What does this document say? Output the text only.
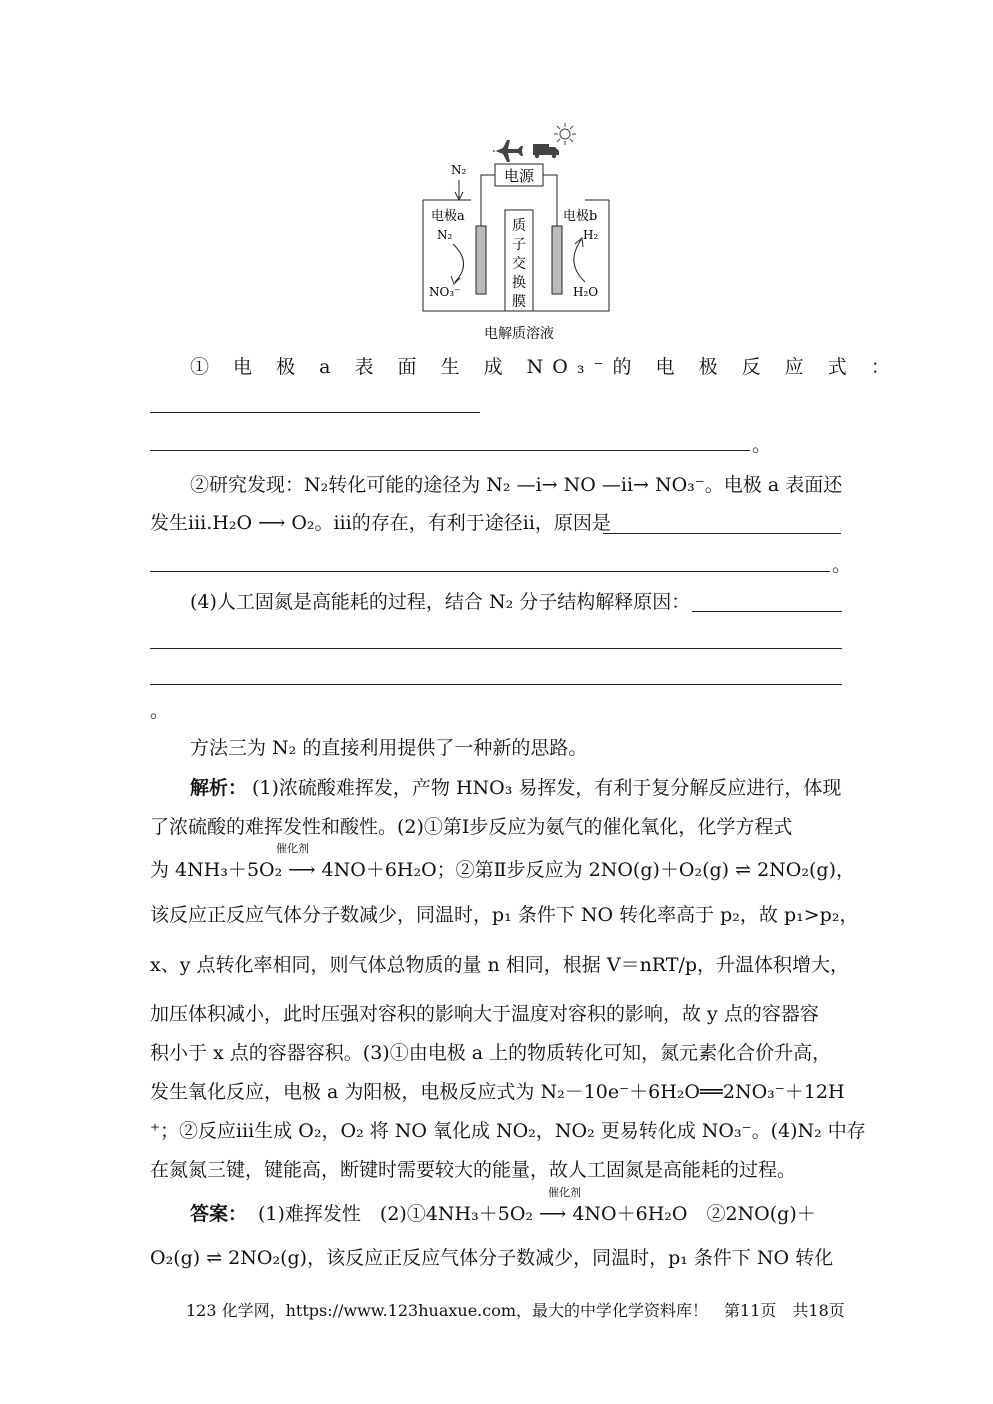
电源
N₂
质
子
交
换
膜
电极a	电极b
N₂
NO₃⁻
H₂
H₂O
电解质溶液
① 电 极 a 表 面 生 成 NO₃⁻的 电 极 反 应 式 ：
。
②研究发现：N₂转化可能的途径为 N₂ —ⅰ→ NO —ⅱ→ NO₃⁻。电极 a 表面还
发生ⅲ.H₂O ⟶ O₂。ⅲ的存在，有利于途径ⅱ，原因是
。
(4)人工固氮是高能耗的过程，结合 N₂ 分子结构解释原因：
。
方法三为 N₂ 的直接利用提供了一种新的思路。
解析： (1)浓硫酸难挥发，产物 HNO₃ 易挥发，有利于复分解反应进行，体现
了浓硫酸的难挥发性和酸性。(2)①第Ⅰ步反应为氨气的催化氧化，化学方程式
为 4NH₃＋5O₂ ⟶ 4NO＋6H₂O；②第Ⅱ步反应为 2NO(g)＋O₂(g) ⇌ 2NO₂(g)，
催化剂
该反应正反应气体分子数减少，同温时，p₁ 条件下 NO 转化率高于 p₂，故 p₁>p₂，
x、y 点转化率相同，则气体总物质的量 n 相同，根据 V＝nRT/p，升温体积增大，
加压体积减小，此时压强对容积的影响大于温度对容积的影响，故 y 点的容器容
积小于 x 点的容器容积。(3)①由电极 a 上的物质转化可知，氮元素化合价升高，
发生氧化反应，电极 a 为阳极，电极反应式为 N₂－10e⁻＋6H₂O══2NO₃⁻＋12H
⁺；②反应ⅲ生成 O₂，O₂ 将 NO 氧化成 NO₂，NO₂ 更易转化成 NO₃⁻。(4)N₂ 中存
在氮氮三键，键能高，断键时需要较大的能量，故人工固氮是高能耗的过程。
答案： (1)难挥发性　(2)①4NH₃＋5O₂ ⟶ 4NO＋6H₂O　②2NO(g)＋
催化剂
O₂(g) ⇌ 2NO₂(g)，该反应正反应气体分子数减少，同温时，p₁ 条件下 NO 转化
123 化学网，https://www.123huaxue.com，最大的中学化学资料库！　第11页　共18页
